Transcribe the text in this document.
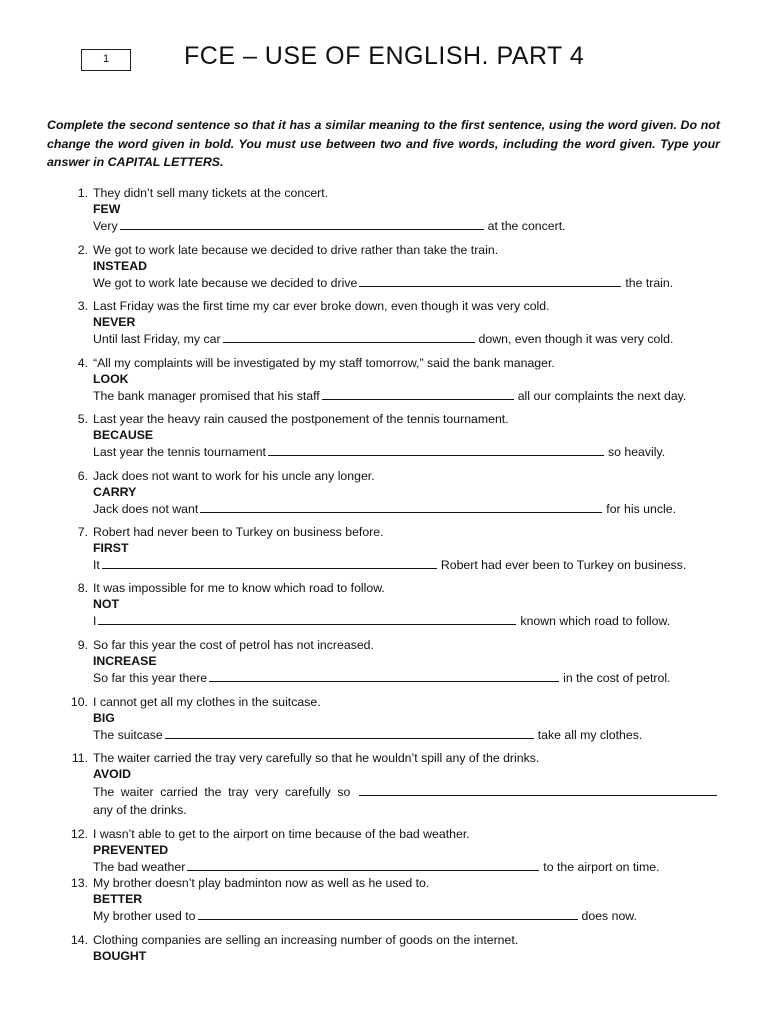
1	FCE – USE OF ENGLISH. PART 4
Complete the second sentence so that it has a similar meaning to the first sentence, using the word given. Do not change the word given in bold. You must use between two and five words, including the word given. Type your answer in CAPITAL LETTERS.
1. They didn’t sell many tickets at the concert.
FEW
Very	at the concert.
2. We got to work late because we decided to drive rather than take the train.
INSTEAD
We got to work late because we decided to drive	the train.
3. Last Friday was the first time my car ever broke down, even though it was very cold.
NEVER
Until last Friday, my car	down, even though it was very cold.
4. “All my complaints will be investigated by my staff tomorrow,” said the bank manager.
LOOK
The bank manager promised that his staff	all our complaints the next day.
5. Last year the heavy rain caused the postponement of the tennis tournament.
BECAUSE
Last year the tennis tournament	so heavily.
6. Jack does not want to work for his uncle any longer.
CARRY
Jack does not want	for his uncle.
7. Robert had never been to Turkey on business before.
FIRST
It	Robert had ever been to Turkey on business.
8. It was impossible for me to know which road to follow.
NOT
I	known which road to follow.
9. So far this year the cost of petrol has not increased.
INCREASE
So far this year there	in the cost of petrol.
10. I cannot get all my clothes in the suitcase.
BIG
The suitcase	take all my clothes.
11. The waiter carried the tray very carefully so that he wouldn’t spill any of the drinks.
AVOID
The waiter carried the tray very carefully so
any of the drinks.
12. I wasn’t able to get to the airport on time because of the bad weather.
PREVENTED
The bad weather	to the airport on time.
13. My brother doesn’t play badminton now as well as he used to.
BETTER
My brother used to	does now.
14. Clothing companies are selling an increasing number of goods on the internet.
BOUGHT
